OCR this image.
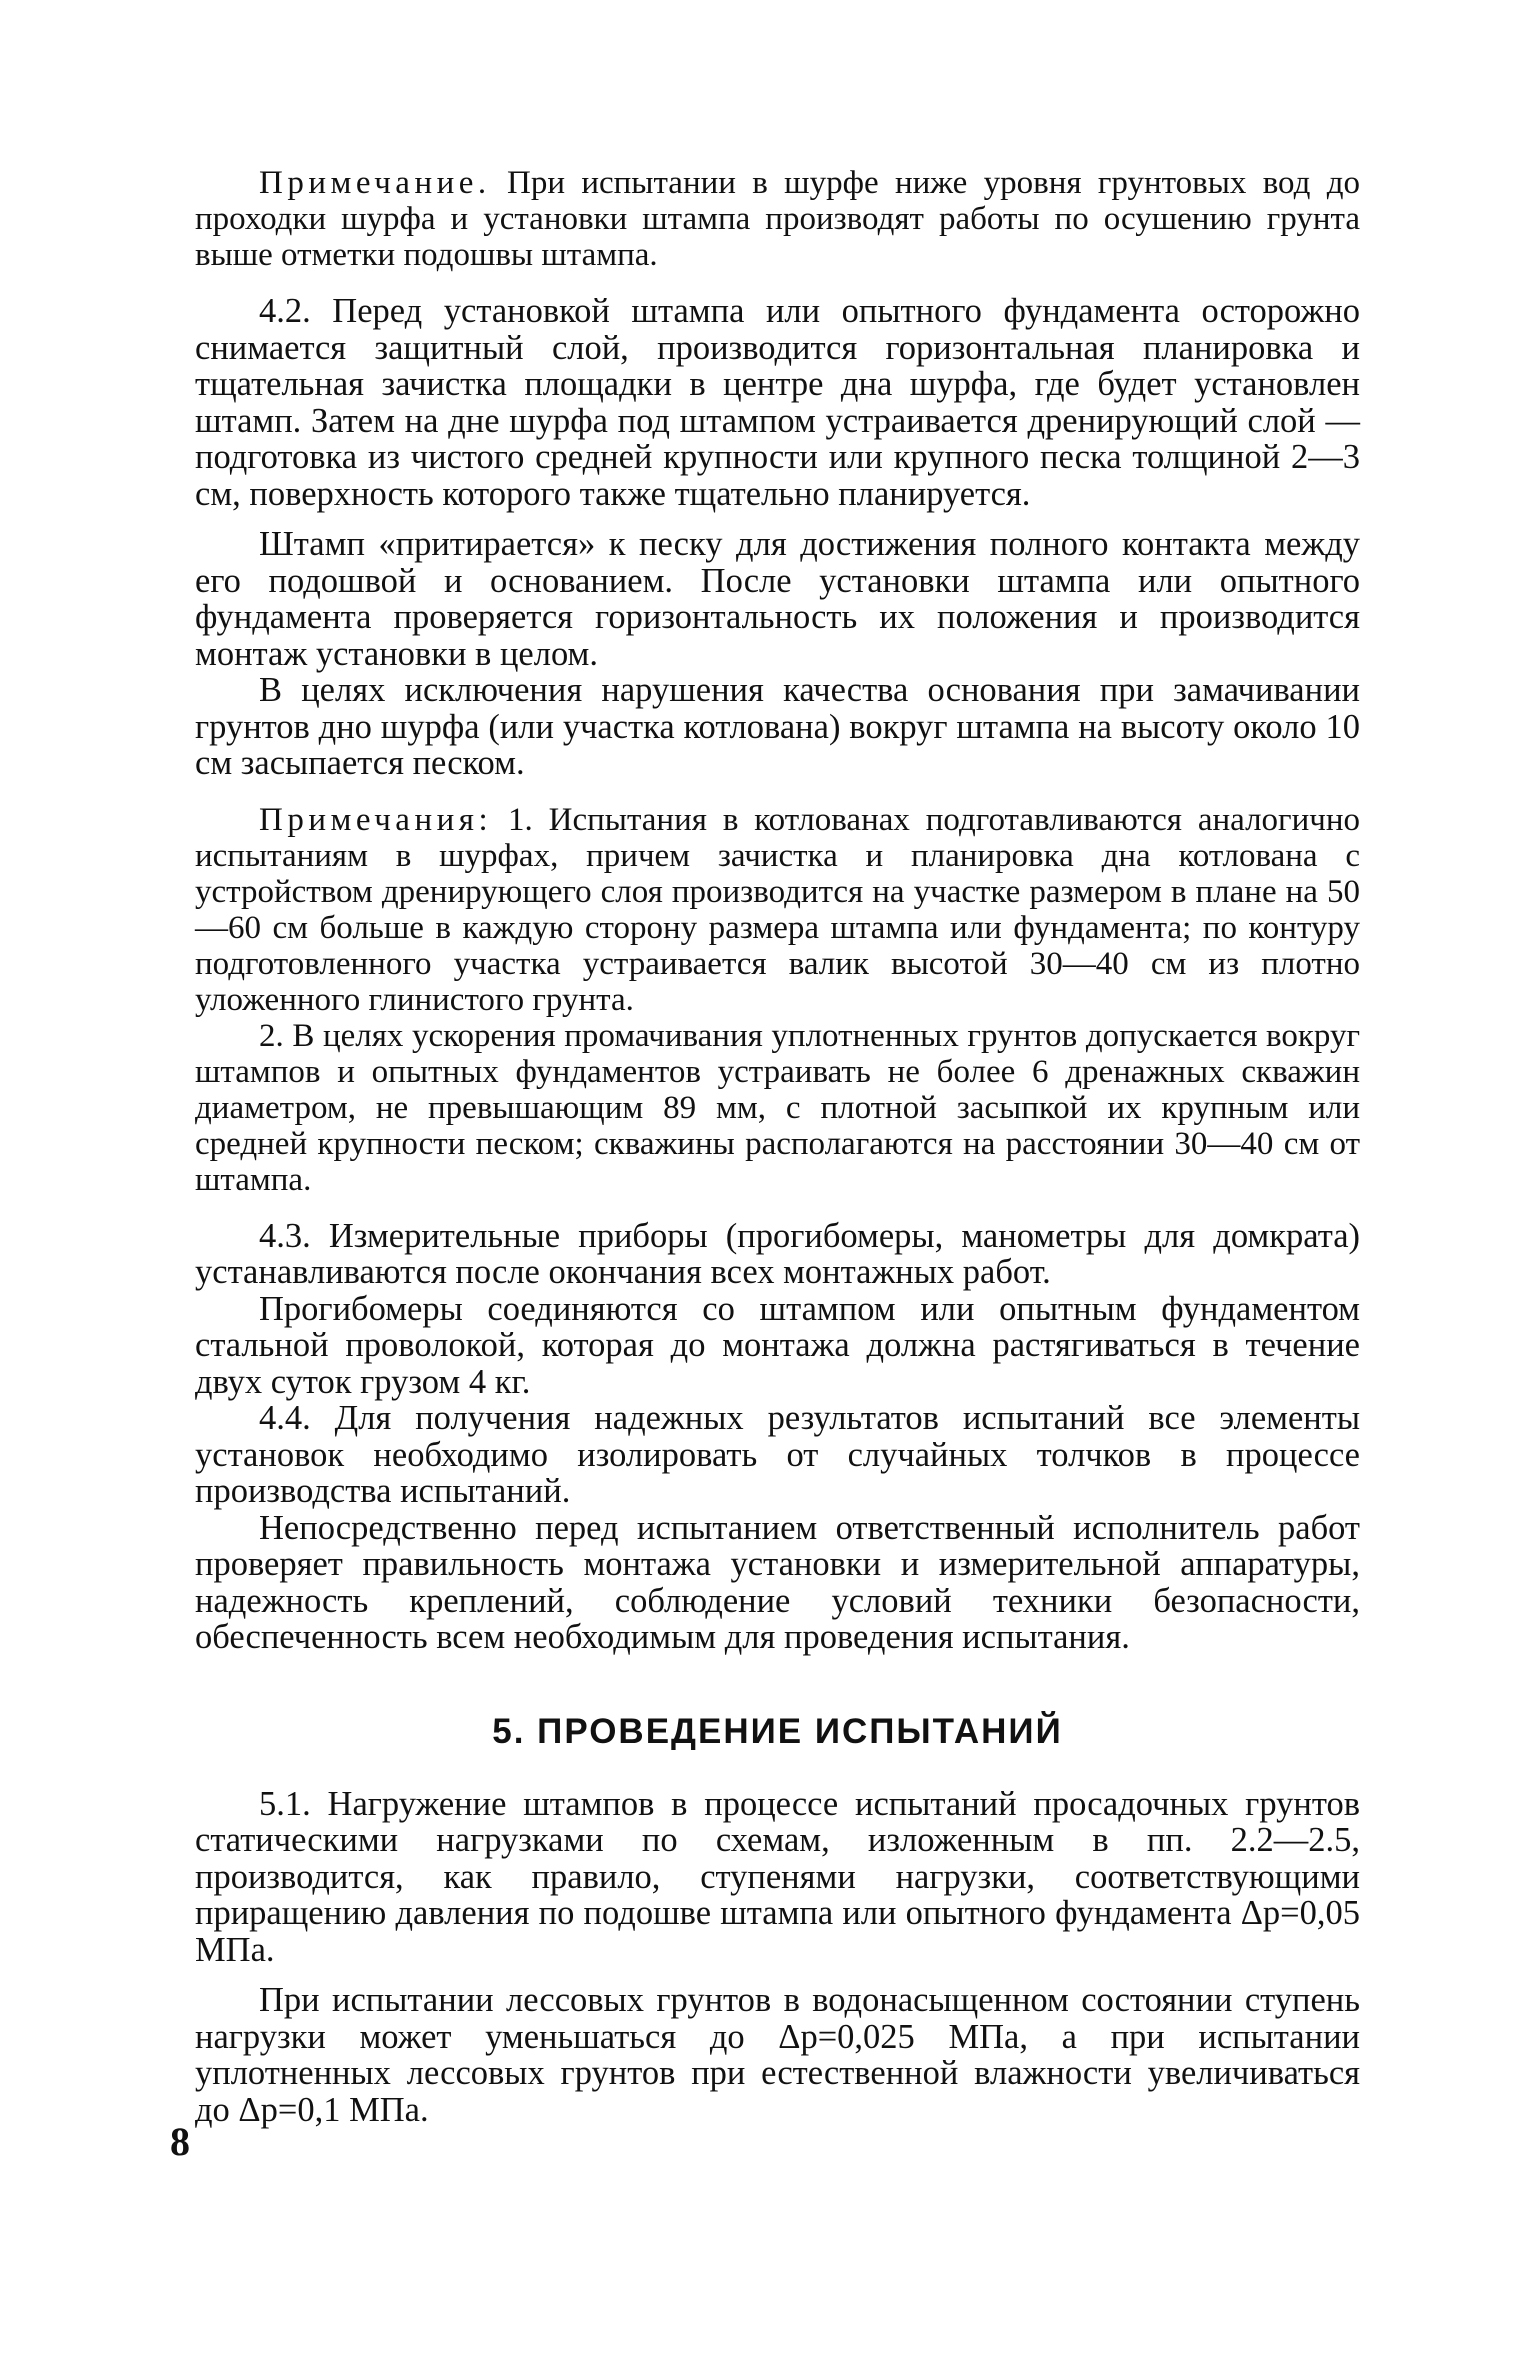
Примечание. При испытании в шурфе ниже уровня грунтовых вод до проходки шурфа и установки штампа производят работы по осушению грунта выше отметки подошвы штампа.

4.2. Перед установкой штампа или опытного фундамента осторожно снимается защитный слой, производится горизонтальная планировка и тщательная зачистка площадки в центре дна шурфа, где будет установлен штамп. Затем на дне шурфа под штампом устраивается дренирующий слой — подготовка из чистого средней крупности или крупного песка толщиной 2—3 см, поверхность которого также тщательно планируется.

Штамп «притирается» к песку для достижения полного контакта между его подошвой и основанием. После установки штампа или опытного фундамента проверяется горизонтальность их положения и производится монтаж установки в целом.

В целях исключения нарушения качества основания при замачивании грунтов дно шурфа (или участка котлована) вокруг штампа на высоту около 10 см засыпается песком.

Примечания: 1. Испытания в котлованах подготавливаются аналогично испытаниям в шурфах, причем зачистка и планировка дна котлована с устройством дренирующего слоя производится на участке размером в плане на 50—60 см больше в каждую сторону размера штампа или фундамента; по контуру подготовленного участка устраивается валик высотой 30—40 см из плотно уложенного глинистого грунта.

2. В целях ускорения промачивания уплотненных грунтов допускается вокруг штампов и опытных фундаментов устраивать не более 6 дренажных скважин диаметром, не превышающим 89 мм, с плотной засыпкой их крупным или средней крупности песком; скважины располагаются на расстоянии 30—40 см от штампа.

4.3. Измерительные приборы (прогибомеры, манометры для домкрата) устанавливаются после окончания всех монтажных работ.

Прогибомеры соединяются со штампом или опытным фундаментом стальной проволокой, которая до монтажа должна растягиваться в течение двух суток грузом 4 кг.

4.4. Для получения надежных результатов испытаний все элементы установок необходимо изолировать от случайных толчков в процессе производства испытаний.

Непосредственно перед испытанием ответственный исполнитель работ проверяет правильность монтажа установки и измерительной аппаратуры, надежность креплений, соблюдение условий техники безопасности, обеспеченность всем необходимым для проведения испытания.

5. ПРОВЕДЕНИЕ ИСПЫТАНИЙ

5.1. Нагружение штампов в процессе испытаний просадочных грунтов статическими нагрузками по схемам, изложенным в пп. 2.2—2.5, производится, как правило, ступенями нагрузки, соответствующими приращению давления по подошве штампа или опытного фундамента Δp=0,05 МПа.

При испытании лессовых грунтов в водонасыщенном состоянии ступень нагрузки может уменьшаться до Δp=0,025 МПа, а при испытании уплотненных лессовых грунтов при естественной влажности увеличиваться до Δp=0,1 МПа.

8
